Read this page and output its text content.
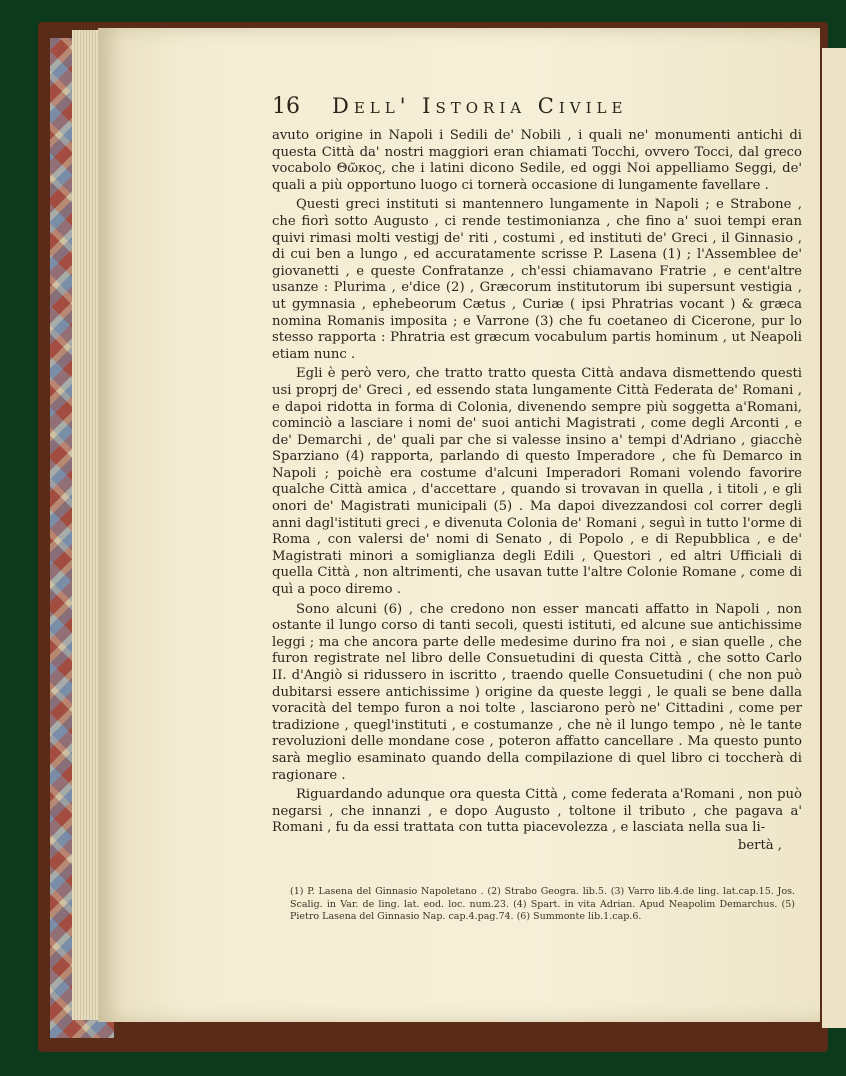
16	Dell' Istoria Civile

avuto origine in Napoli i Sedili de' Nobili , i quali ne' monumenti antichi di questa Città da' nostri maggiori eran chiamati Tocchi, ovvero Tocci, dal greco vocabolo Θῶκος, che i latini dicono Sedile, ed oggi Noi appelliamo Seggi, de' quali a più opportuno luogo ci tornerà occasione di lungamente favellare .

Questi greci instituti si mantennero lungamente in Napoli ; e Strabone , che fiorì sotto Augusto , ci rende testimonianza , che fino a' suoi tempi eran quivi rimasi molti vestigj de' riti , costumi , ed instituti de' Greci , il Ginnasio , di cui ben a lungo , ed accuratamente scrisse P. Lasena (1) ; l'Assemblee de' giovanetti , e queste Confratanze , ch'essi chiamavano Fratrie , e cent'altre usanze : Plurima , e'dice (2) , Græcorum institutorum ibi supersunt vestigia , ut gymnasia , ephebeorum Cætus , Curiæ ( ipsi Phratrias vocant ) & græca nomina Romanis imposita ; e Varrone (3) che fu coetaneo di Cicerone, pur lo stesso rapporta : Phratria est græcum vocabulum partis hominum , ut Neapoli etiam nunc .

Egli è però vero, che tratto tratto questa Città andava dismettendo questi usi proprj de' Greci , ed essendo stata lungamente Città Federata de' Romani , e dapoi ridotta in forma di Colonia, divenendo sempre più soggetta a'Romani, cominciò a lasciare i nomi de' suoi antichi Magistrati , come degli Arconti , e de' Demarchi , de' quali par che si valesse insino a' tempi d'Adriano , giacchè Sparziano (4) rapporta, parlando di questo Imperadore , che fù Demarco in Napoli ; poichè era costume d'alcuni Imperadori Romani volendo favorire qualche Città amica , d'accettare , quando si trovavan in quella , i titoli , e gli onori de' Magistrati municipali (5) . Ma dapoi divezzandosi col correr degli anni dagl'istituti greci , e divenuta Colonia de' Romani , seguì in tutto l'orme di Roma , con valersi de' nomi di Senato , di Popolo , e di Repubblica , e de' Magistrati minori a somiglianza degli Edili , Questori , ed altri Ufficiali di quella Città , non altrimenti, che usavan tutte l'altre Colonie Romane , come di quì a poco diremo .

Sono alcuni (6) , che credono non esser mancati affatto in Napoli , non ostante il lungo corso di tanti secoli, questi istituti, ed alcune sue antichissime leggi ; ma che ancora parte delle medesime durino fra noi , e sian quelle , che furon registrate nel libro delle Consuetudini di questa Città , che sotto Carlo II. d'Angiò si ridussero in iscritto , traendo quelle Consuetudini ( che non può dubitarsi essere antichissime ) origine da queste leggi , le quali se bene dalla voracità del tempo furon a noi tolte , lasciarono però ne' Cittadini , come per tradizione , quegl'instituti , e costumanze , che nè il lungo tempo , nè le tante revoluzioni delle mondane cose , poteron affatto cancellare . Ma questo punto sarà meglio esaminato quando della compilazione di quel libro ci toccherà di ragionare .

Riguardando adunque ora questa Città , come federata a'Romani , non può negarsi , che innanzi , e dopo Augusto , toltone il tributo , che pagava a' Romani , fu da essi trattata con tutta piacevolezza , e lasciata nella sua li-

bertà ,
(1) P. Lasena del Ginnasio Napoletano . (2) Strabo Geogra. lib.5. (3) Varro lib.4.de ling. lat.cap.15. Jos. Scalig. in Var. de ling. lat. eod. loc. num.23. (4) Spart. in vita Adrian. Apud Neapolim Demarchus. (5) Pietro Lasena del Ginnasio Nap. cap.4.pag.74. (6) Summonte lib.1.cap.6.
